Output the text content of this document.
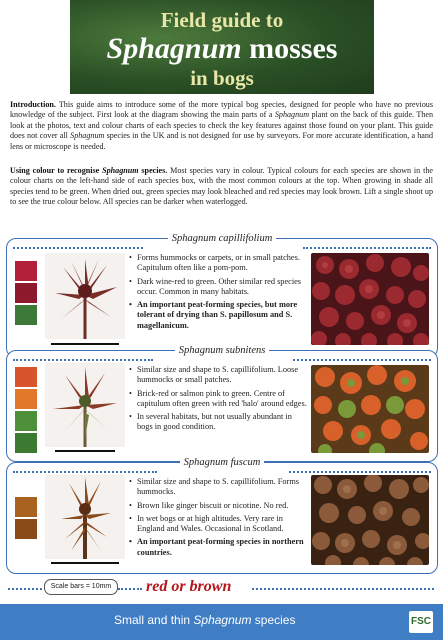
Field guide to
Sphagnum mosses
in bogs
Introduction. This guide aims to introduce some of the more typical bog species, designed for people who have no previous knowledge of the subject. First look at the diagram showing the main parts of a Sphagnum plant on the back of this guide. Then look at the photos, text and colour charts of each species to check the key features against those found on your plant. This guide does not cover all Sphagnum species in the UK and is not designed for use by surveyors. For more accurate identification, a hand lens or microscope is needed.
Using colour to recognise Sphagnum species. Most species vary in colour. Typical colours for each species are shown in the colour charts on the left-hand side of each species box, with the most common colours at the top. When growing in shade all species tend to be green. When dried out, green species may look bleached and red species may look brown. Lift a single shoot up to see the true colour below. All species can be darker when waterlogged.
Sphagnum capillifolium
• Forms hummocks or carpets, or in small patches. Capitulum often like a pom-pom.
• Dark wine-red to green. Other similar red species occur. Common in many habitats.
• An important peat-forming species, but more tolerant of drying than S. papillosum and S. magellanicum.
Sphagnum subnitens
• Similar size and shape to S. capillifolium. Loose hummocks or small patches.
• Brick-red or salmon pink to green. Centre of capitulum often green with red 'halo' around edges.
• In several habitats, but not usually abundant in bogs in good condition.
Sphagnum fuscum
• Similar size and shape to S. capillifolium. Forms hummocks.
• Brown like ginger biscuit or nicotine. No red.
• In wet bogs or at high altitudes. Very rare in England and Wales. Occasional in Scotland.
• An important peat-forming species in northern countries.
Scale bars = 10mm	red or brown
Small and thin Sphagnum species	FSC
